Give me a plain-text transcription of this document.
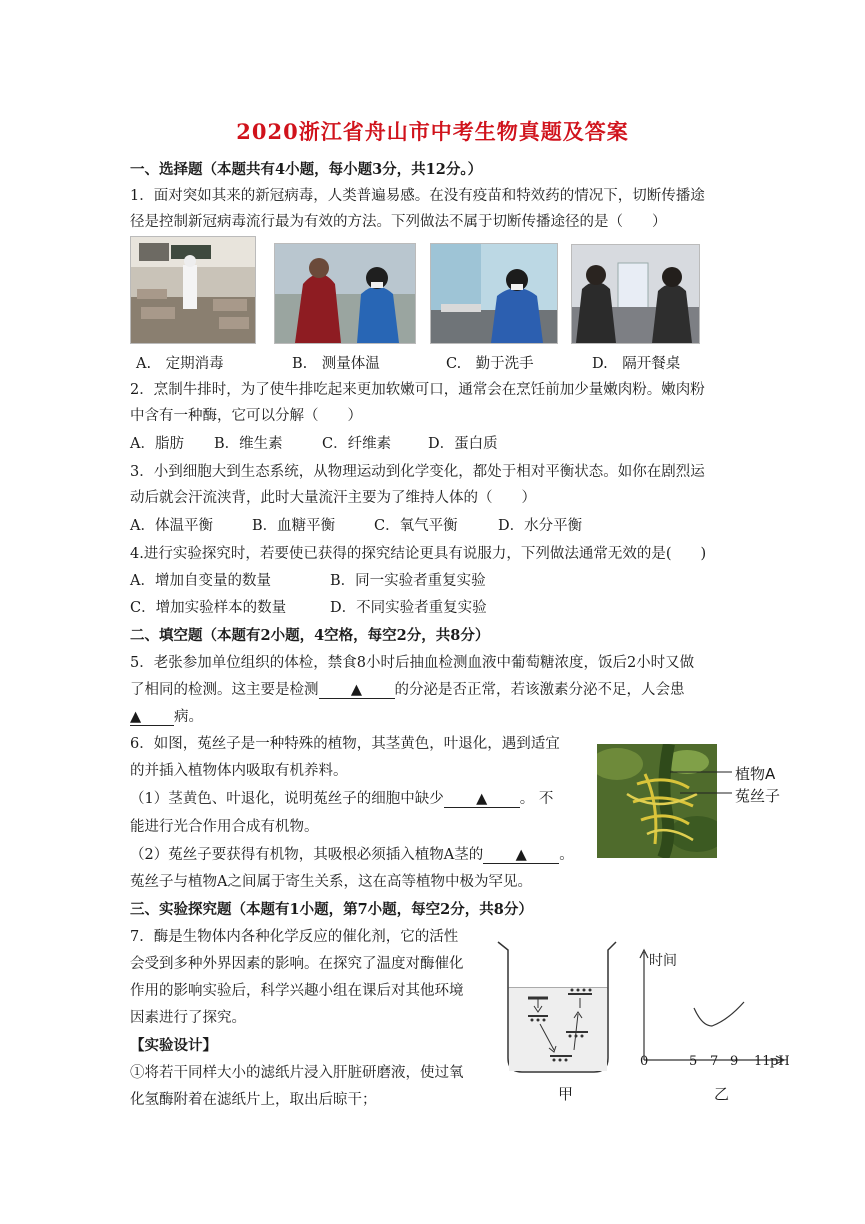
2020浙江省舟山市中考生物真题及答案
一、选择题（本题共有4小题，每小题3分，共12分。）
1．面对突如其来的新冠病毒，人类普遍易感。在没有疫苗和特效药的情况下，切断传播途
径是控制新冠病毒流行最为有效的方法。下列做法不属于切断传播途径的是（　　）
A.　定期消毒	B.　测量体温	C.　勤于洗手	D.　隔开餐桌
2．烹制牛排时，为了使牛排吃起来更加软嫩可口，通常会在烹饪前加少量嫩肉粉。嫩肉粉
中含有一种酶，它可以分解（　　）
A．脂肪 B．维生素	C．纤维素	D．蛋白质
3．小到细胞大到生态系统，从物理运动到化学变化，都处于相对平衡状态。如你在剧烈运
动后就会汗流浃背，此时大量流汗主要为了维持人体的（　　）
A．体温平衡	B．血糖平衡	C．氧气平衡	D．水分平衡
4.进行实验探究时，若要使已获得的探究结论更具有说服力，下列做法通常无效的是(　　)
A．增加自变量的数量	B．同一实验者重复实验
C．增加实验样本的数量	D．不同实验者重复实验
二、填空题（本题有2小题，4空格，每空2分，共8分）
5．老张参加单位组织的体检，禁食8小时后抽血检测血液中葡萄糖浓度，饭后2小时又做
了相同的检测。这主要是检测 ▲ 的分泌是否正常，若该激素分泌不足，人会患
▲ 病。
6．如图，菟丝子是一种特殊的植物，其茎黄色，叶退化，遇到适宜
的并插入植物体内吸取有机养料。
（1）茎黄色、叶退化，说明菟丝子的细胞中缺少 ▲ 。 不
能进行光合作用合成有机物。
（2）菟丝子要获得有机物，其吸根必须插入植物A茎的 ▲ 。
菟丝子与植物A之间属于寄生关系，这在高等植物中极为罕见。
植物A
菟丝子
三、实验探究题（本题有1小题，第7小题，每空2分，共8分）
7．酶是生物体内各种化学反应的催化剂，它的活性
会受到多种外界因素的影响。在探究了温度对酶催化
作用的影响实验后，科学兴趣小组在课后对其他环境
因素进行了探究。
【实验设计】
①将若干同样大小的滤纸片浸入肝脏研磨液，使过氧
化氢酶附着在滤纸片上，取出后晾干；	甲
时间
0	5 7 9 11 pH
乙
